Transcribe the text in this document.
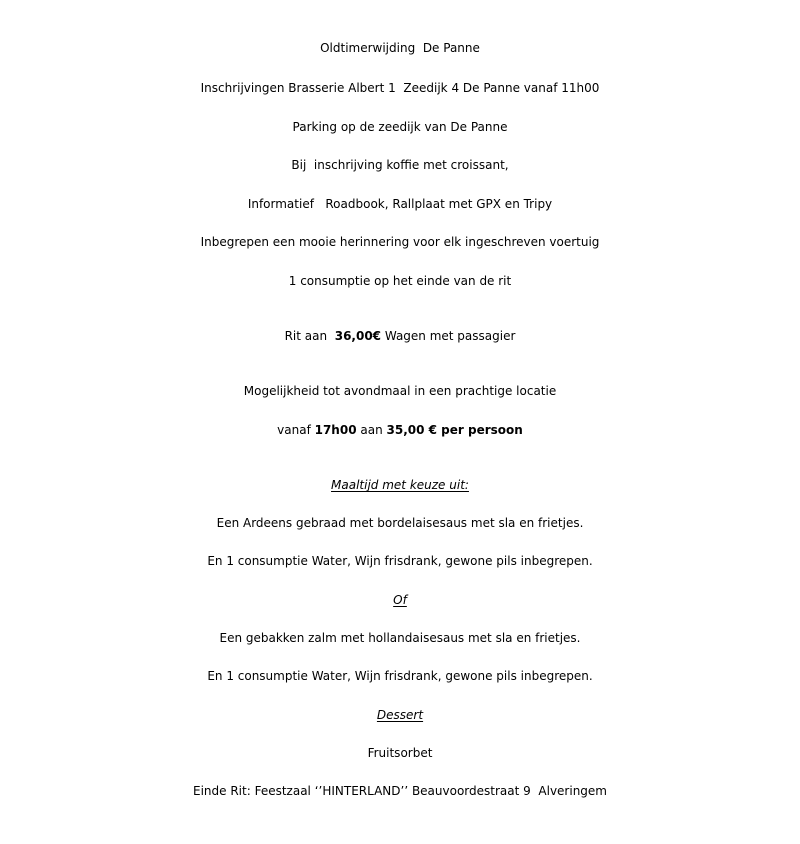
Oldtimerwijding  De Panne
Inschrijvingen Brasserie Albert 1  Zeedijk 4 De Panne vanaf 11h00
Parking op de zeedijk van De Panne
Bij  inschrijving koffie met croissant,
Informatief   Roadbook, Rallplaat met GPX en Tripy
Inbegrepen een mooie herinnering voor elk ingeschreven voertuig
1 consumptie op het einde van de rit
Rit aan  36,00€ Wagen met passagier
Mogelijkheid tot avondmaal in een prachtige locatie
vanaf 17h00 aan 35,00 € per persoon
Maaltijd met keuze uit:
Een Ardeens gebraad met bordelaisesaus met sla en frietjes.
En 1 consumptie Water, Wijn frisdrank, gewone pils inbegrepen.
Of
Een gebakken zalm met hollandaisesaus met sla en frietjes.
En 1 consumptie Water, Wijn frisdrank, gewone pils inbegrepen.
Dessert
Fruitsorbet
Einde Rit: Feestzaal ‘’HINTERLAND’’ Beauvoordestraat 9  Alveringem
